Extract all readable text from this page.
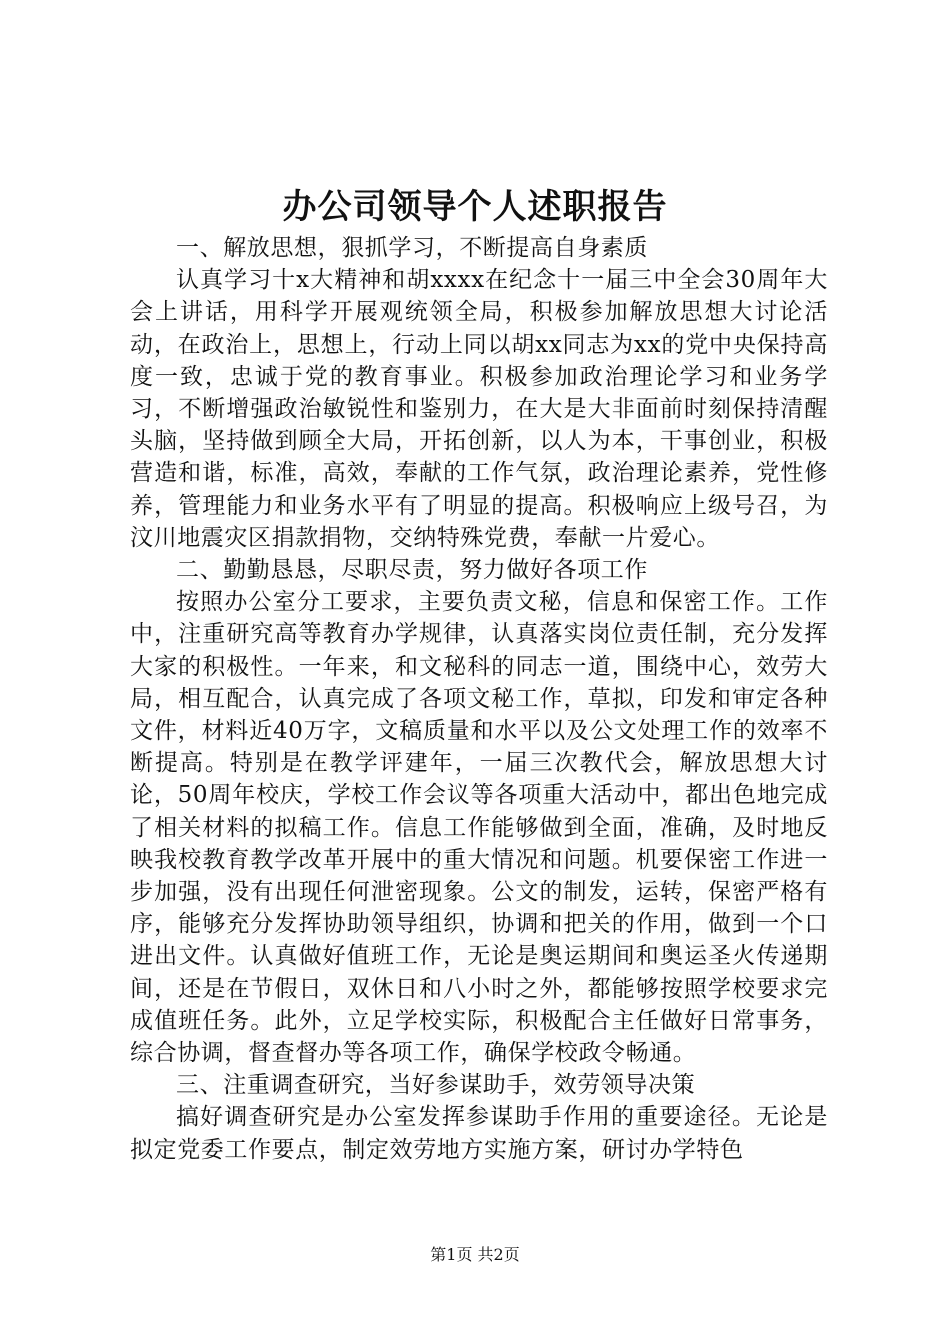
办公司领导个人述职报告

一、解放思想，狠抓学习，不断提高自身素质

认真学习十x大精神和胡xxxx在纪念十一届三中全会30周年大会上讲话，用科学开展观统领全局，积极参加解放思想大讨论活动，在政治上，思想上，行动上同以胡xx同志为xx的党中央保持高度一致，忠诚于党的教育事业。积极参加政治理论学习和业务学习，不断增强政治敏锐性和鉴别力，在大是大非面前时刻保持清醒头脑，坚持做到顾全大局，开拓创新，以人为本，干事创业，积极营造和谐，标准，高效，奉献的工作气氛，政治理论素养，党性修养，管理能力和业务水平有了明显的提高。积极响应上级号召，为汶川地震灾区捐款捐物，交纳特殊党费，奉献一片爱心。

二、勤勤恳恳，尽职尽责，努力做好各项工作

按照办公室分工要求，主要负责文秘，信息和保密工作。工作中，注重研究高等教育办学规律，认真落实岗位责任制，充分发挥大家的积极性。一年来，和文秘科的同志一道，围绕中心，效劳大局，相互配合，认真完成了各项文秘工作，草拟，印发和审定各种文件，材料近40万字，文稿质量和水平以及公文处理工作的效率不断提高。特别是在教学评建年，一届三次教代会，解放思想大讨论，50周年校庆，学校工作会议等各项重大活动中，都出色地完成了相关材料的拟稿工作。信息工作能够做到全面，准确，及时地反映我校教育教学改革开展中的重大情况和问题。机要保密工作进一步加强，没有出现任何泄密现象。公文的制发，运转，保密严格有序，能够充分发挥协助领导组织，协调和把关的作用，做到一个口进出文件。认真做好值班工作，无论是奥运期间和奥运圣火传递期间，还是在节假日，双休日和八小时之外，都能够按照学校要求完成值班任务。此外，立足学校实际，积极配合主任做好日常事务，综合协调，督查督办等各项工作，确保学校政令畅通。

三、注重调查研究，当好参谋助手，效劳领导决策

搞好调查研究是办公室发挥参谋助手作用的重要途径。无论是拟定党委工作要点，制定效劳地方实施方案，研讨办学特色

第1页 共2页
